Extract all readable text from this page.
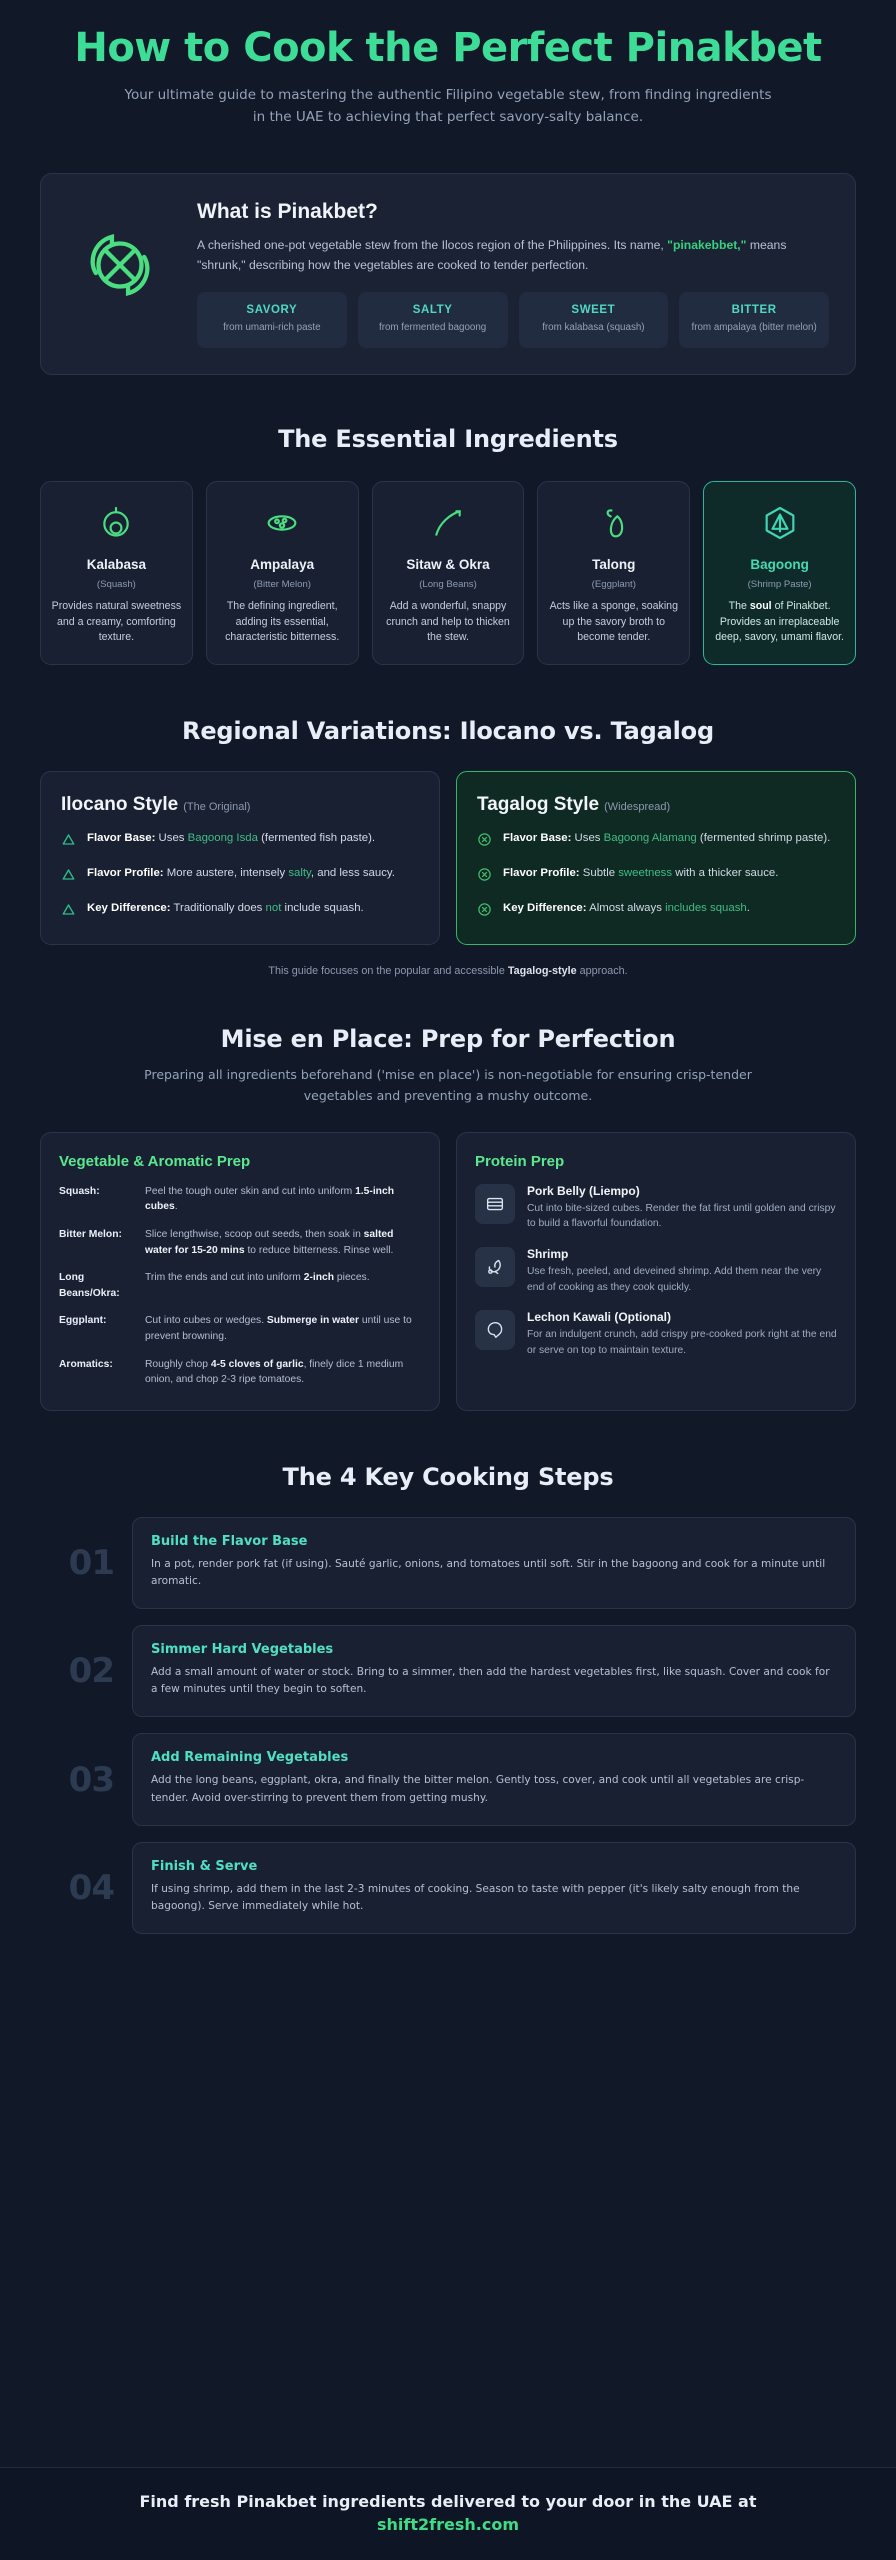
How to Cook the Perfect Pinakbet

Your ultimate guide to mastering the authentic Filipino vegetable stew, from finding ingredients in the UAE to achieving that perfect savory-salty balance.

What is Pinakbet?

A cherished one-pot vegetable stew from the Ilocos region of the Philippines. Its name, "pinakebbet," means "shrunk," describing how the vegetables are cooked to tender perfection.

SAVORY
from umami-rich paste
SALTY
from fermented bagoong
SWEET
from kalabasa (squash)
BITTER
from ampalaya (bitter melon)
The Essential Ingredients
Kalabasa
(Squash)
Provides natural sweetness and a creamy, comforting texture.
Ampalaya
(Bitter Melon)
The defining ingredient, adding its essential, characteristic bitterness.
Sitaw & Okra
(Long Beans)
Add a wonderful, snappy crunch and help to thicken the stew.
Talong
(Eggplant)
Acts like a sponge, soaking up the savory broth to become tender.
Bagoong
(Shrimp Paste)
The soul of Pinakbet. Provides an irreplaceable deep, savory, umami flavor.
Regional Variations: Ilocano vs. Tagalog
Ilocano Style (The Original)
Flavor Base: Uses Bagoong Isda (fermented fish paste).
Flavor Profile: More austere, intensely salty, and less saucy.
Key Difference: Traditionally does not include squash.
Tagalog Style (Widespread)
Flavor Base: Uses Bagoong Alamang (fermented shrimp paste).
Flavor Profile: Subtle sweetness with a thicker sauce.
Key Difference: Almost always includes squash.
This guide focuses on the popular and accessible Tagalog-style approach.
Mise en Place: Prep for Perfection

Preparing all ingredients beforehand ('mise en place') is non-negotiable for ensuring crisp-tender vegetables and preventing a mushy outcome.

Vegetable & Aromatic Prep
Squash:	Peel the tough outer skin and cut into uniform 1.5-inch cubes.
Bitter Melon:	Slice lengthwise, scoop out seeds, then soak in salted water for 15-20 mins to reduce bitterness. Rinse well.
Long Beans/Okra:
Trim the ends and cut into uniform 2-inch pieces.
Eggplant:	Cut into cubes or wedges. Submerge in water until use to prevent browning.
Aromatics:	Roughly chop 4-5 cloves of garlic, finely dice 1 medium onion, and chop 2-3 ripe tomatoes.
Protein Prep
Pork Belly (Liempo)
Cut into bite-sized cubes. Render the fat first until golden and crispy to build a flavorful foundation.
Shrimp
Use fresh, peeled, and deveined shrimp. Add them near the very end of cooking as they cook quickly.
Lechon Kawali (Optional)
For an indulgent crunch, add crispy pre-cooked pork right at the end or serve on top to maintain texture.
The 4 Key Cooking Steps
01
Build the Flavor Base
In a pot, render pork fat (if using). Sauté garlic, onions, and tomatoes until soft. Stir in the bagoong and cook for a minute until aromatic.
02
Simmer Hard Vegetables
Add a small amount of water or stock. Bring to a simmer, then add the hardest vegetables first, like squash. Cover and cook for a few minutes until they begin to soften.
03
Add Remaining Vegetables
Add the long beans, eggplant, okra, and finally the bitter melon. Gently toss, cover, and cook until all vegetables are crisp-tender. Avoid over-stirring to prevent them from getting mushy.
04
Finish & Serve
If using shrimp, add them in the last 2-3 minutes of cooking. Season to taste with pepper (it's likely salty enough from the bagoong). Serve immediately while hot.
Find fresh Pinakbet ingredients delivered to your door in the UAE at
shift2fresh.com
